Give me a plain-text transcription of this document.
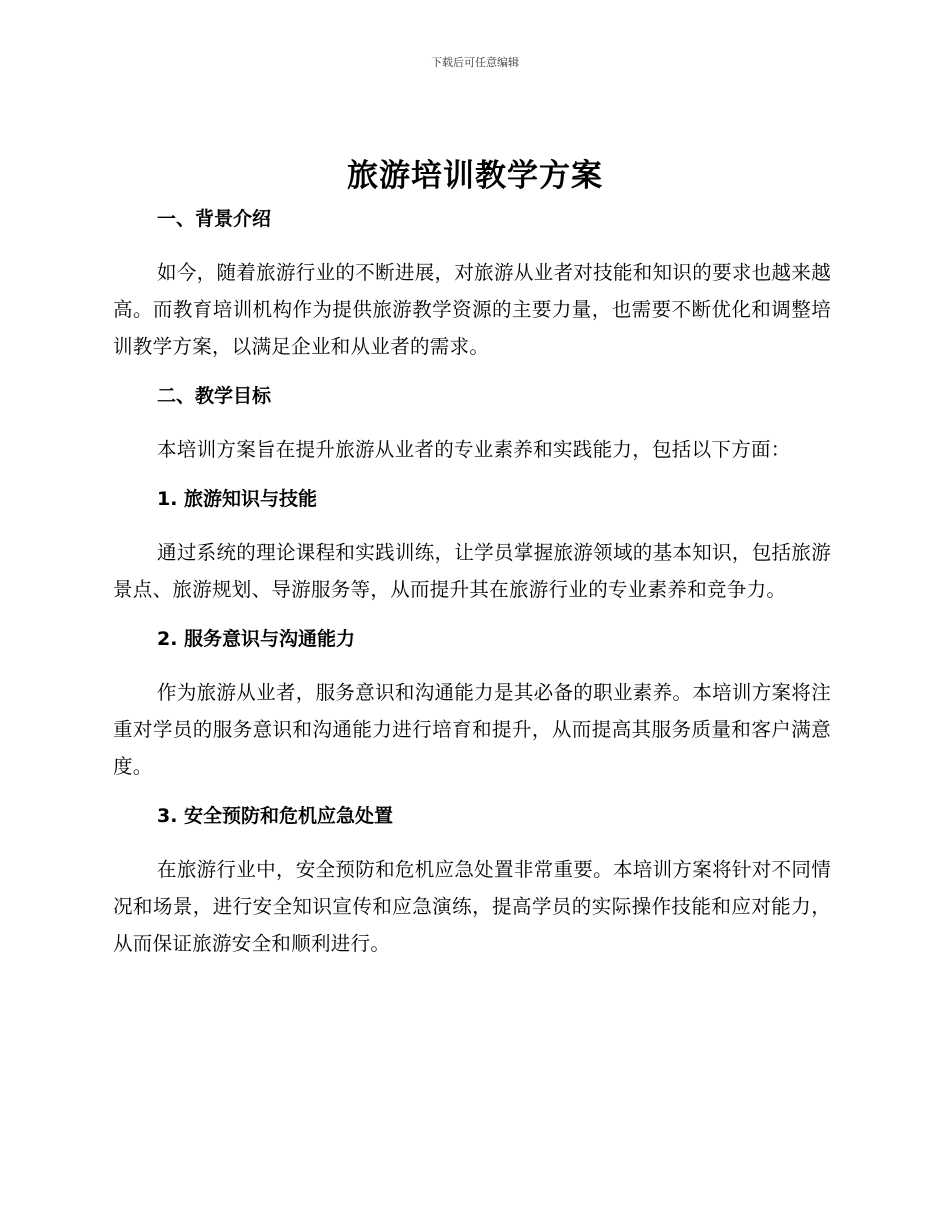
下载后可任意编辑
旅游培训教学方案
一、背景介绍

如今，随着旅游行业的不断进展，对旅游从业者对技能和知识的要求也越来越高。而教育培训机构作为提供旅游教学资源的主要力量，也需要不断优化和调整培训教学方案，以满足企业和从业者的需求。

二、教学目标

本培训方案旨在提升旅游从业者的专业素养和实践能力，包括以下方面：

1. 旅游知识与技能

通过系统的理论课程和实践训练，让学员掌握旅游领域的基本知识，包括旅游景点、旅游规划、导游服务等，从而提升其在旅游行业的专业素养和竞争力。

2. 服务意识与沟通能力

作为旅游从业者，服务意识和沟通能力是其必备的职业素养。本培训方案将注重对学员的服务意识和沟通能力进行培育和提升，从而提高其服务质量和客户满意度。

3. 安全预防和危机应急处置

在旅游行业中，安全预防和危机应急处置非常重要。本培训方案将针对不同情况和场景，进行安全知识宣传和应急演练，提高学员的实际操作技能和应对能力，从而保证旅游安全和顺利进行。
